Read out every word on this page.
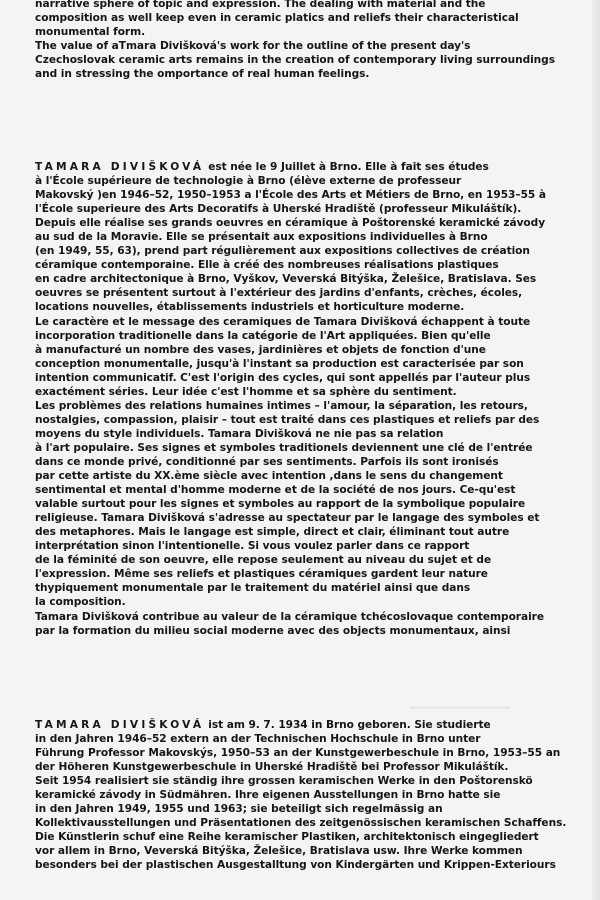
▁▁▁▁▁▁▁▁▁▁▁▁▁
narrative sphere of topic and expression. The dealing with material and the
composition as well keep even in ceramic platics and reliefs their characteristical
monumental form.
The value of aTmara Divišková's work for the outline of the present day's
Czechoslovak ceramic arts remains in the creation of contemporary living surroundings
and in stressing the omportance of real human feelings.
TAMARA DIVIŠKOVÁ est née le 9 Juillet à Brno. Elle à fait ses études
à l'École supérieure de technologie à Brno (élève externe de professeur
Makovský )en 1946–52, 1950–1953 a l'École des Arts et Métiers de Brno, en 1953–55 à
l'École superieure des Arts Decoratifs à Uherské Hradiště (professeur Mikuláštík).
Depuis elle réalise ses grands oeuvres en céramique à Poštorenské keramické závody
au sud de la Moravie. Elle se présentait aux expositions individuelles à Brno
(en 1949, 55, 63), prend part régulièrement aux expositions collectives de création
céramique contemporaine. Elle à créé des nombreuses réalisations plastiques
en cadre architectonique à Brno, Vyškov, Veverská Bitýška, Želešice, Bratislava. Ses
oeuvres se présentent surtout à l'extérieur des jardins d'enfants, crèches, écoles,
locations nouvelles, établissements industriels et horticulture moderne.
Le caractère et le message des ceramiques de Tamara Divišková échappent à toute
incorporation traditionelle dans la catégorie de l'Art appliquées. Bien qu'elle
à manufacturé un nombre des vases, jardinières et objets de fonction d'une
conception monumentalle, jusqu'à l'instant sa production est caracterisée par son
intention communicatif. C'est l'origin des cycles, qui sont appellés par l'auteur plus
exactément séries. Leur idée c'est l'homme et sa sphère du sentiment.
Les problèmes des relations humaines intimes – l'amour, la séparation, les retours,
nostalgies, compassion, plaisir – tout est traité dans ces plastiques et reliefs par des
moyens du style individuels. Tamara Divišková ne nie pas sa relation
à l'art populaire. Ses signes et symboles traditionels deviennent une clé de l'entrée
dans ce monde privé, conditionné par ses sentiments. Parfois ils sont ironisés
par cette artiste du XX.ème siècle avec intention ,dans le sens du changement
sentimental et mental d'homme moderne et de la société de nos jours. Ce-qu'est
valable surtout pour les signes et symboles au rapport de la symbolique populaire
religieuse. Tamara Divišková s'adresse au spectateur par le langage des symboles et
des metaphores. Mais le langage est simple, direct et clair, éliminant tout autre
interprétation sinon l'intentionelle. Si vous voulez parler dans ce rapport
de la féminité de son oeuvre, elle repose seulement au niveau du sujet et de
l'expression. Même ses reliefs et plastiques céramiques gardent leur nature
thypiquement monumentale par le traitement du matériel ainsi que dans
la composition.
Tamara Divišková contribue au valeur de la céramique tchécoslovaque contemporaire
par la formation du milieu social moderne avec des objects monumentaux, ainsi
TAMARA DIVIŠKOVÁ ist am 9. 7. 1934 in Brno geboren. Sie studierte
in den Jahren 1946–52 extern an der Technischen Hochschule in Brno unter
Führung Professor Makovskýs, 1950–53 an der Kunstgewerbeschule in Brno, 1953–55 an
der Höheren Kunstgewerbeschule in Uherské Hradiště bei Professor Mikuláštík.
Seit 1954 realisiert sie ständig ihre grossen keramischen Werke in den Poštorenskö
keramické závody in Südmähren. Ihre eigenen Ausstellungen in Brno hatte sie
in den Jahren 1949, 1955 und 1963; sie beteiligt sich regelmässig an
Kollektivausstellungen und Präsentationen des zeitgenössischen keramischen Schaffens.
Die Künstlerin schuf eine Reihe keramischer Plastiken, architektonisch eingegliedert
vor allem in Brno, Veverská Bitýška, Želešice, Bratislava usw. Ihre Werke kommen
besonders bei der plastischen Ausgestalltung von Kindergärten und Krippen-Exteriours
